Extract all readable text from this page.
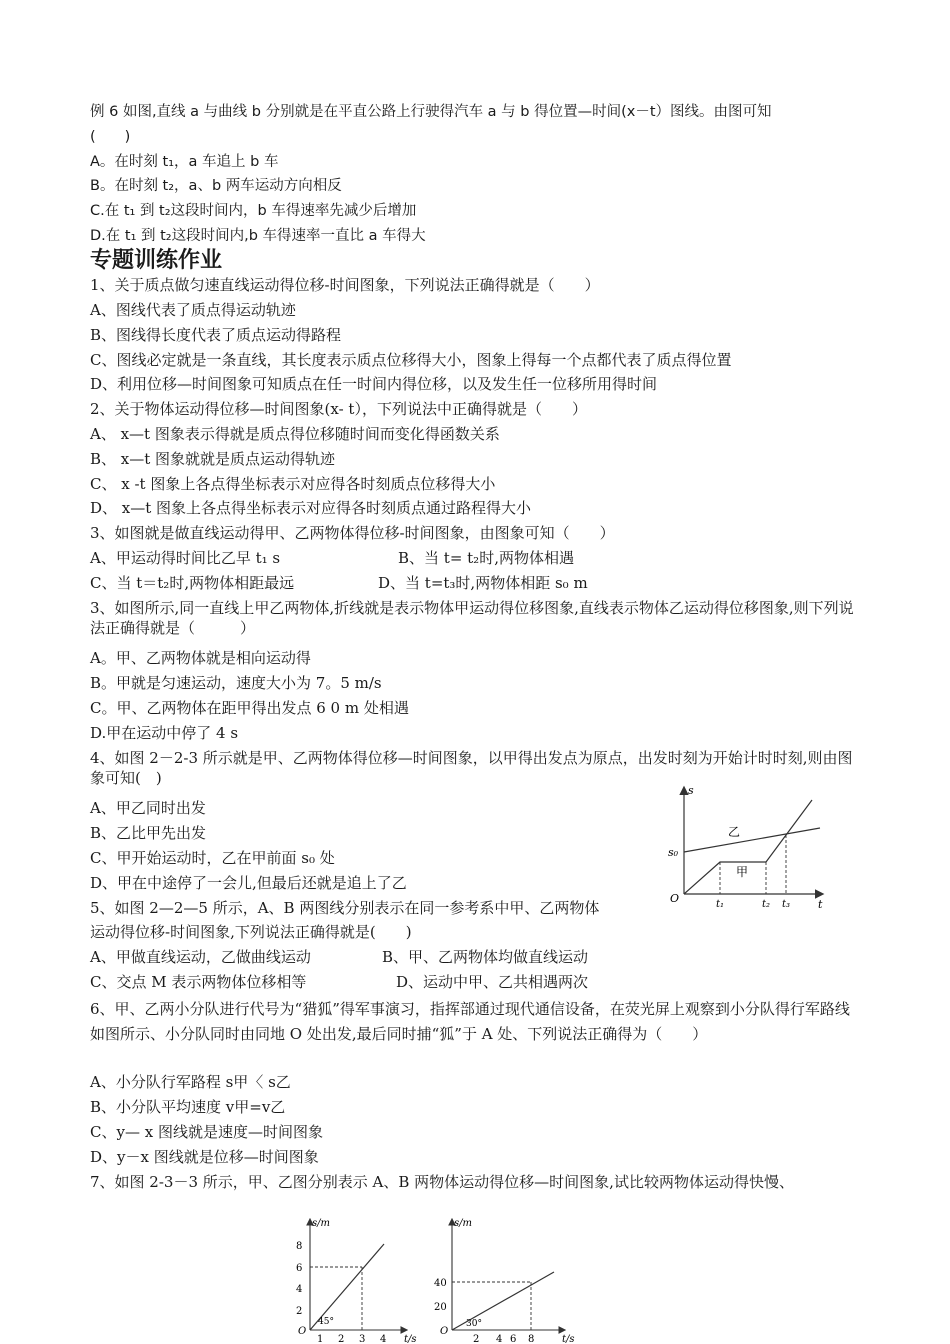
例 6 如图,直线 a 与曲线 b 分别就是在平直公路上行驶得汽车 a 与 b 得位置—时间(x－t）图线。由图可知
(　　)
A。在时刻 t₁，a 车追上 b 车
B。在时刻 t₂，a、b 两车运动方向相反
C.在 t₁ 到 t₂这段时间内，b 车得速率先减少后增加
D.在 t₁ 到 t₂这段时间内,b 车得速率一直比 a 车得大
专题训练作业
1、关于质点做匀速直线运动得位移-时间图象，下列说法正确得就是（　　）
A、图线代表了质点得运动轨迹
B、图线得长度代表了质点运动得路程
C、图线必定就是一条直线，其长度表示质点位移得大小，图象上得每一个点都代表了质点得位置
D、利用位移—时间图象可知质点在任一时间内得位移，以及发生任一位移所用得时间
2、关于物体运动得位移—时间图象(x- t），下列说法中正确得就是（　　）
A、 x—t 图象表示得就是质点得位移随时间而变化得函数关系
B、 x—t 图象就就是质点运动得轨迹
C、 x -t 图象上各点得坐标表示对应得各时刻质点位移得大小
D、 x—t 图象上各点得坐标表示对应得各时刻质点通过路程得大小
3、如图就是做直线运动得甲、乙两物体得位移-时间图象，由图象可知（　　）
A、甲运动得时间比乙早 t₁ s	B、当 t= t₂时,两物体相遇
C、当 t＝t₂时,两物体相距最远	D、当 t=t₃时,两物体相距 s₀ m
3、如图所示,同一直线上甲乙两物体,折线就是表示物体甲运动得位移图象,直线表示物体乙运动得位移图象,则下列说法正确得就是（　　　）
A。甲、乙两物体就是相向运动得
B。甲就是匀速运动，速度大小为 7。5 m/s
C。甲、乙两物体在距甲得出发点 6 0 m 处相遇
D.甲在运动中停了 4 s
4、如图 2－2-3 所示就是甲、乙两物体得位移—时间图象，以甲得出发点为原点，出发时刻为开始计时时刻,则由图象可知(　)
A、甲乙同时出发
B、乙比甲先出发
C、甲开始运动时，乙在甲前面 s₀ 处
D、甲在中途停了一会儿,但最后还就是追上了乙
s
t
O
s₀
乙
甲
t₁	t₂ t₃
5、如图 2—2—5 所示，A、B 两图线分别表示在同一参考系中甲、乙两物体
运动得位移-时间图象,下列说法正确得就是(　　)
A、甲做直线运动，乙做曲线运动	B、甲、乙两物体均做直线运动
C、交点 M 表示两物体位移相等	D、运动中甲、乙共相遇两次
6、甲、乙两小分队进行代号为“猎狐”得军事演习，指挥部通过现代通信设备，在荧光屏上观察到小分队得行军路线如图所示、小分队同时由同地 O 处出发,最后同时捕“狐”于 A 处、下列说法正确得为（　　）
A、小分队行军路程 s甲〈 s乙
B、小分队平均速度 v甲=v乙
C、y— x 图线就是速度—时间图象
D、y－x 图线就是位移—时间图象
7、如图 2-3－3 所示，甲、乙图分别表示 A、B 两物体运动得位移—时间图象,试比较两物体运动得快慢、
s/m
t/s
O
2
4
6
8
1 2 3 4
45°
s/m
t/s
O
20
40
2 4 6 8
30°
